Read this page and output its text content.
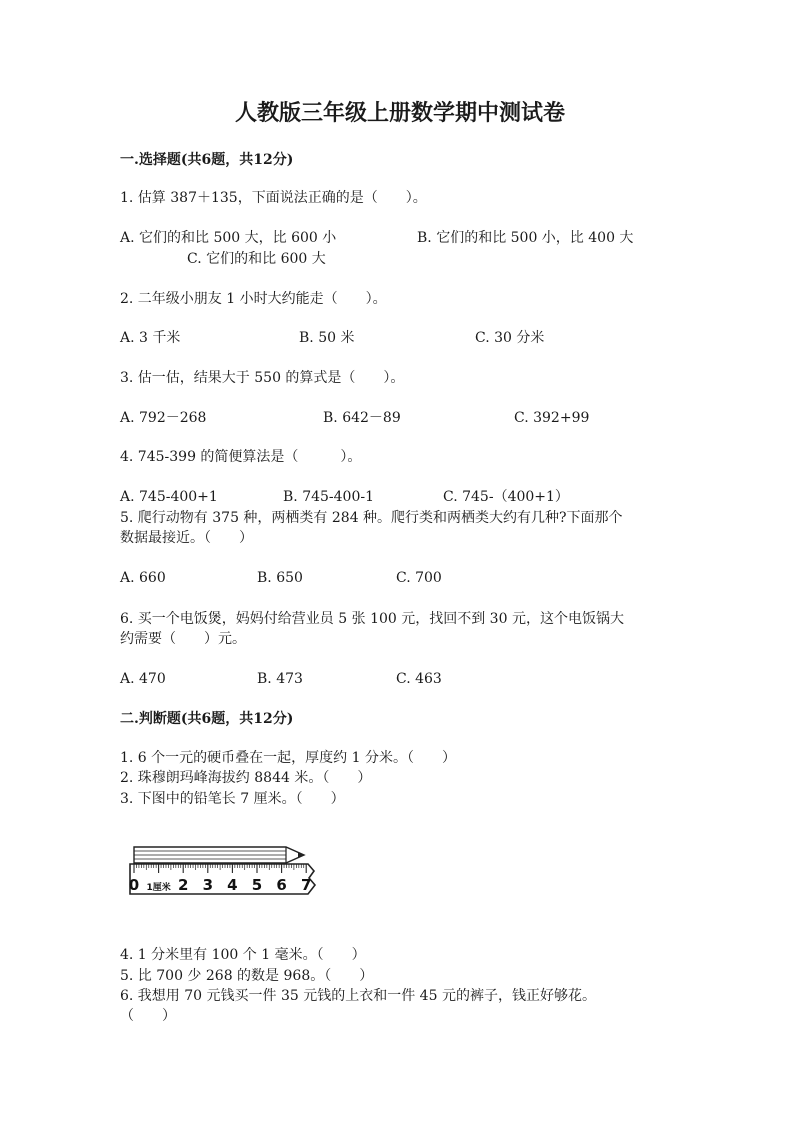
人教版三年级上册数学期中测试卷
一.选择题(共6题，共12分)
1. 估算 387＋135，下面说法正确的是（　　）。
A. 它们的和比 500 大，比 600 小	B. 它们的和比 500 小，比 400 大
C. 它们的和比 600 大
2. 二年级小朋友 1 小时大约能走（　　）。
A. 3 千米	B. 50 米	C. 30 分米
3. 估一估，结果大于 550 的算式是（　　）。
A. 792－268	B. 642－89	C. 392+99
4. 745-399 的简便算法是（　　　）。
A. 745-400+1	B. 745-400-1	C. 745-（400+1）
5. 爬行动物有 375 种，两栖类有 284 种。爬行类和两栖类大约有几种?下面那个
数据最接近。（　　）
A. 660	B. 650	C. 700
6. 买一个电饭煲，妈妈付给营业员 5 张 100 元，找回不到 30 元，这个电饭锅大
约需要（　　）元。
A. 470	B. 473	C. 463
二.判断题(共6题，共12分)
1. 6 个一元的硬币叠在一起，厚度约 1 分米。（　　）
2. 珠穆朗玛峰海拔约 8844 米。（　　）
3. 下图中的铅笔长 7 厘米。（　　）
0 1厘米 2 3 4 5 6 7
4. 1 分米里有 100 个 1 毫米。（　　）
5. 比 700 少 268 的数是 968。（　　）
6. 我想用 70 元钱买一件 35 元钱的上衣和一件 45 元的裤子，钱正好够花。
（　　）
